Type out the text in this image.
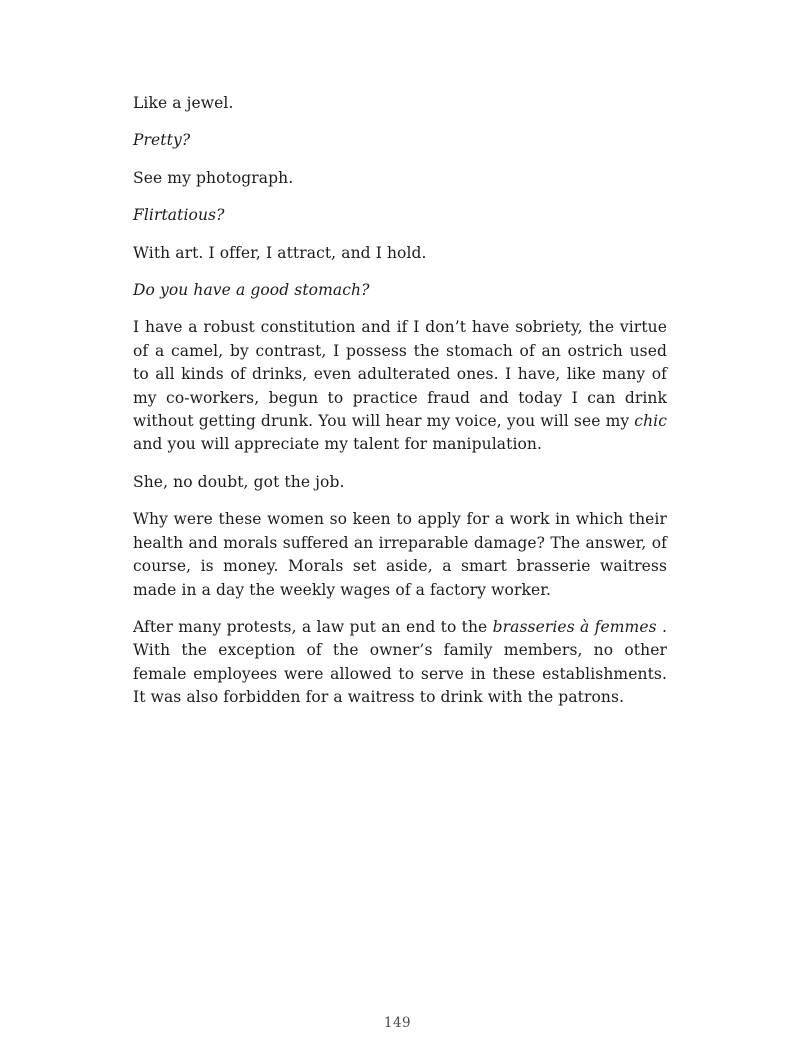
Like a jewel.

Pretty?

See my photograph.

Flirtatious?

With art. I offer, I attract, and I hold.

Do you have a good stomach?

I have a robust constitution and if I don’t have sobriety, the virtue of a camel, by contrast, I possess the stomach of an ostrich used to all kinds of drinks, even adulterated ones. I have, like many of my co-workers, begun to practice fraud and today I can drink without getting drunk. You will hear my voice, you will see my chic and you will appreciate my talent for manipulation.

She, no doubt, got the job.

Why were these women so keen to apply for a work in which their health and morals suffered an irreparable damage? The answer, of course, is money. Morals set aside, a smart brasserie waitress made in a day the weekly wages of a factory worker.

After many protests, a law put an end to the brasseries à femmes . With the exception of the owner’s family members, no other female employees were allowed to serve in these establishments. It was also forbidden for a waitress to drink with the patrons.

149
